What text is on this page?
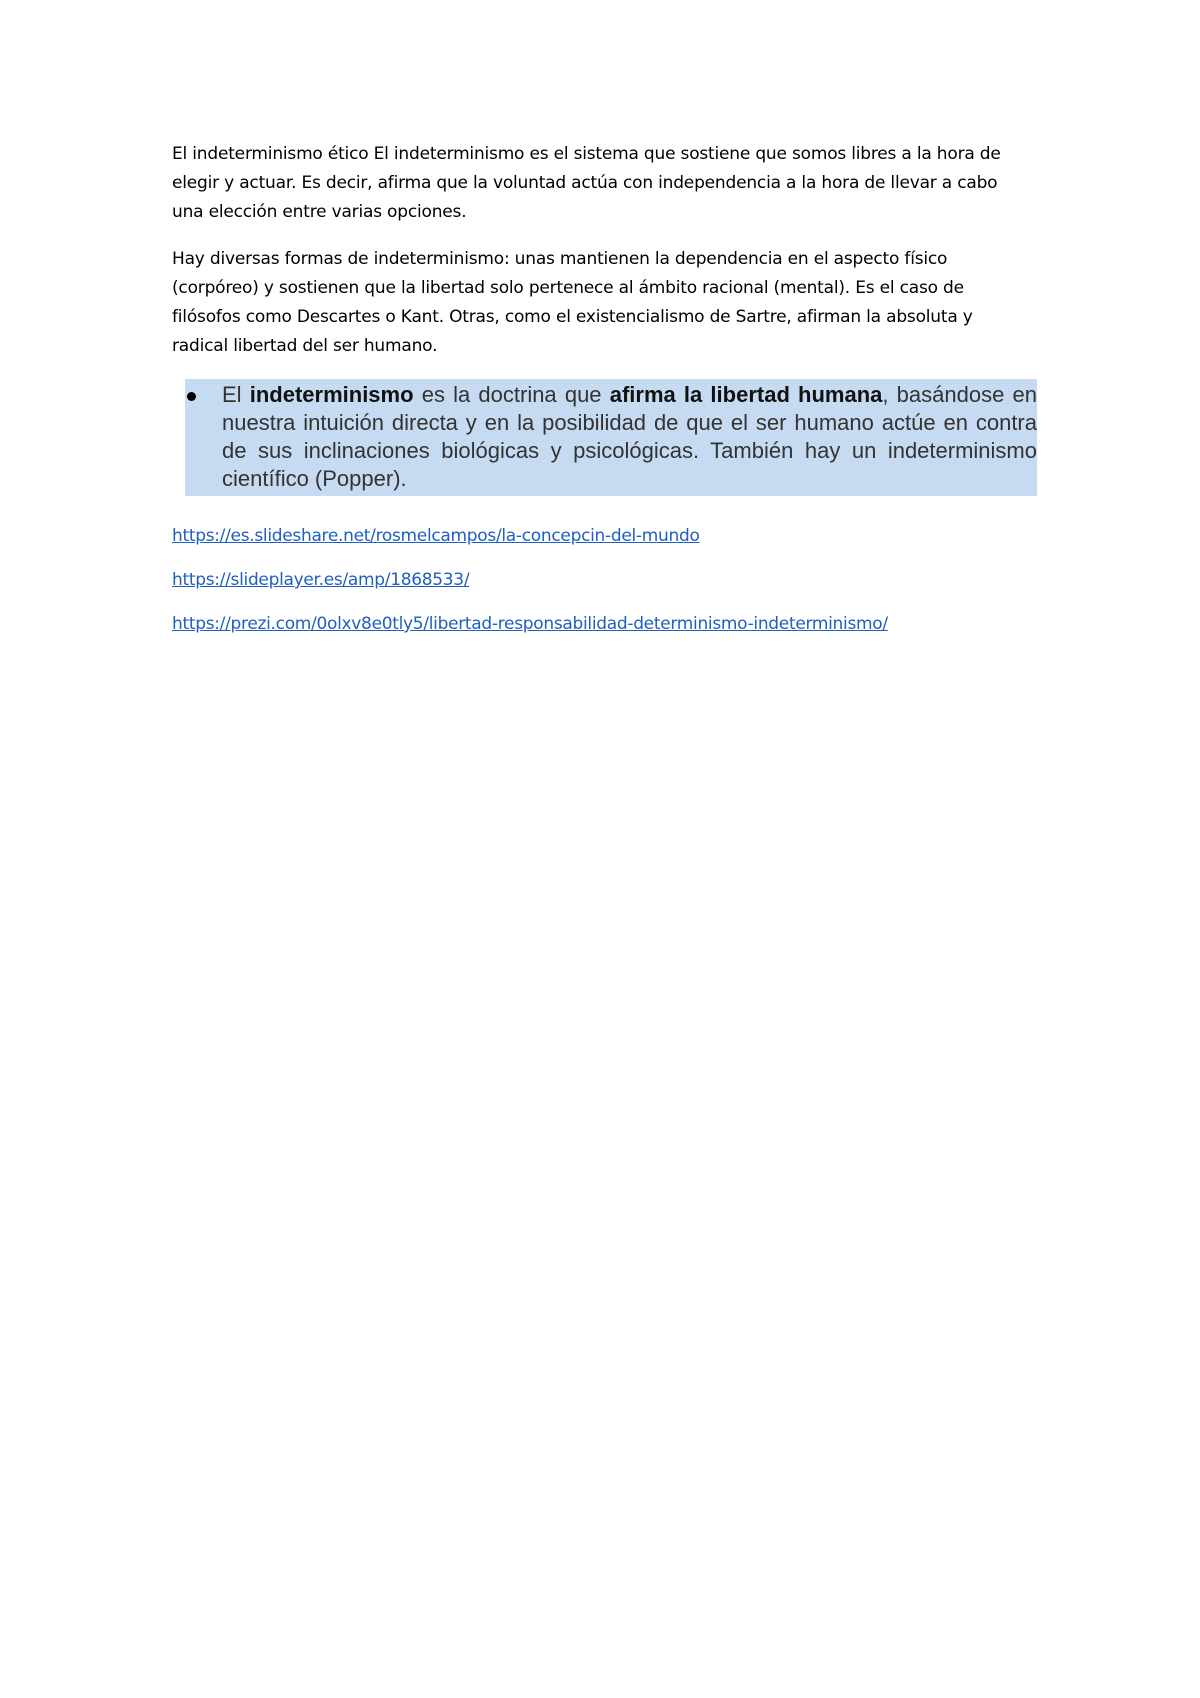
El indeterminismo ético El indeterminismo es el sistema que sostiene que somos libres a la hora de elegir y actuar. Es decir, afirma que la voluntad actúa con independencia a la hora de llevar a cabo una elección entre varias opciones.

Hay diversas formas de indeterminismo: unas mantienen la dependencia en el aspecto físico (corpóreo) y sostienen que la libertad solo pertenece al ámbito racional (mental). Es el caso de filósofos como Descartes o Kant. Otras, como el existencialismo de Sartre, afirman la absoluta y radical libertad del ser humano.

El indeterminismo es la doctrina que afirma la libertad humana, basándose en nuestra intuición directa y en la posibilidad de que el ser humano actúe en contra de sus inclinaciones biológicas y psicológicas. También hay un indeterminismo científico (Popper).

https://es.slideshare.net/rosmelcampos/la-concepcin-del-mundo
https://slideplayer.es/amp/1868533/
https://prezi.com/0olxv8e0tly5/libertad-responsabilidad-determinismo-indeterminismo/
